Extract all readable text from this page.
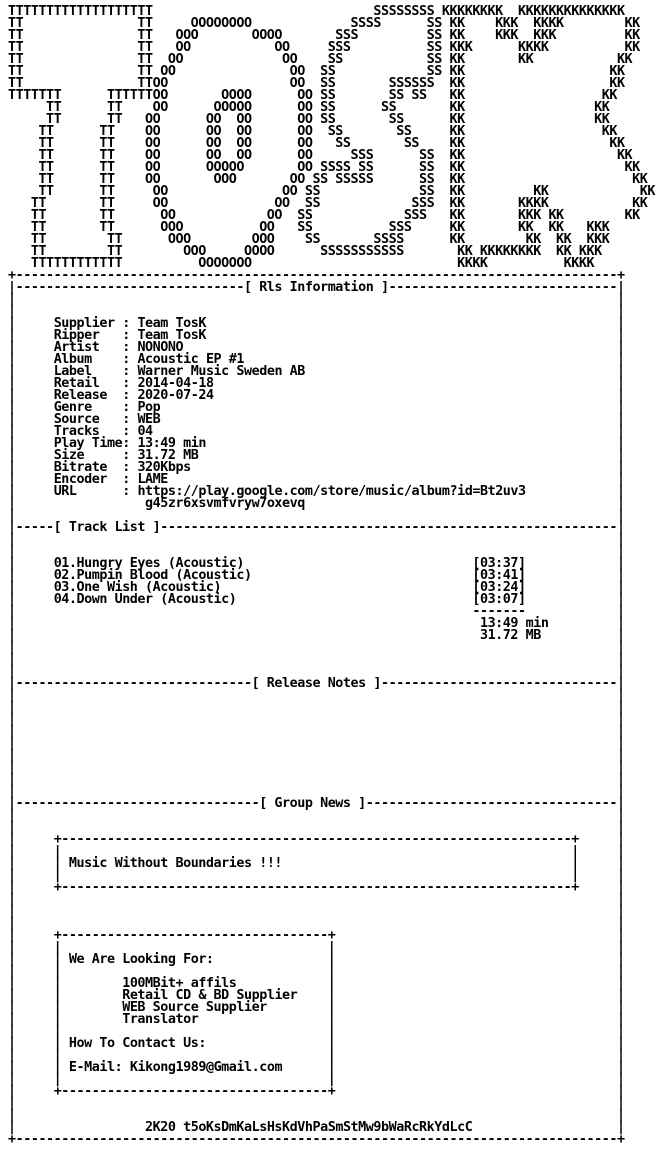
TTTTTTTTTTTTTTTTTTT                             SSSSSSSS KKKKKKKK  KKKKKKKKKKKKKK
TT               TT     OOOOOOOO             SSSS      SS KK    KKK  KKKK        KK
TT               TT   OOO       OOOO       SSS         SS KK    KKK  KKK         KK
TT               TT   OO           OO     SSS          SS KKK      KKKK          KK
TT               TT  OO             OO    SS           SS KK       KK           KK
TT               TT OO               OO  SS            SS KK                   KK
TT               TTOO                OO  SS       SSSSSS  KK                   KK
TTTTTTT      TTTTTTOO       OOOO      OO SS       SS SS   KK                  KK
TT      TT    OO      OOOOO      OO SS      SS       KK                 KK
TT      TT   OO      OO  OO      OO SS       SS      KK                 KK
TT      TT    OO      OO  OO      OO  SS       SS     KK                  KK
TT      TT    OO      OO  OO      OO   SS       SS    KK                   KK
TT      TT    OO      OO  OO      OO     SSS      SS  KK                    KK
TT      TT    OO      OOOOO       OO SSSS SS      SS  KK                     KK
TT      TT    OO       OOO       OO SS SSSSS      SS  KK                      KK
TT      TT     OO               OO SS             SS  KK         KK            KK
TT       TT     OO              OO  SS            SSS  KK       KKKK           KK
TT       TT      OO            OO  SS            SSS   KK       KKK KK        KK
TT       TT      OOO          OO   SS          SSS     KK       KK  KK   KKK
TT        TT      OOO        OOO    SS       SSSS      KK        KK  KK  KKK
TT        TT        OOO     OOOO      SSSSSSSSSSS       KK KKKKKKKK  KK KKK
TTTTTTTTTTTT          OOOOOOO                           KKKK          KKKK
+-------------------------------------------------------------------------------+
|------------------------------[ Rls Information ]------------------------------|
|                                                                               |
|                                                                               |
|	Supplier : Team TosK                                                      |
|	Ripper   : Team TosK                                                      |
|	Artist   : NONONO                                                         |
|	Album    : Acoustic EP #1                                                 |
|	Label    : Warner Music Sweden AB                                         |
|	Retail   : 2014-04-18                                                     |
|	Release  : 2020-07-24                                                     |
|	Genre    : Pop                                                            |
|	Source   : WEB                                                            |
|	Tracks   : 04                                                             |
|	Play Time: 13:49 min                                                      |
|	Size     : 31.72 MB                                                       |
|	Bitrate  : 320Kbps                                                        |
|	Encoder  : LAME                                                           |
|	URL      : https://play.google.com/store/music/album?id=Bt2uv3            |
|	g45zr6xsvmfvryw7oxevq                                         |
|                                                                               |
|-----[ Track List ]------------------------------------------------------------|
|                                                                               |
|                                                                               |
|	01.Hungry Eyes (Acoustic)	[03:37]            |
|	02.Pumpin Blood (Acoustic)	[03:41]            |
|	03.One Wish (Acoustic)	[03:24]            |
|	04.Down Under (Acoustic)	[03:07]            |
|	-------            |
|	13:49 min         |
|	31.72 MB          |
|                                                                               |
|                                                                               |
|                                                                               |
|-------------------------------[ Release Notes ]-------------------------------|
|                                                                               |
|                                                                               |
|                                                                               |
|                                                                               |
|                                                                               |
|                                                                               |
|                                                                               |
|                                                                               |
|                                                                               |
|--------------------------------[ Group News ]---------------------------------|
|                                                                               |
|                                                                               |
|	+-------------------------------------------------------------------+     |
|     |                                                                   |     |
|     | Music Without Boundaries !!!                                      |     |
|     |                                                                   |     |
|	+-------------------------------------------------------------------+     |
|                                                                               |
|                                                                               |
|                                                                               |
|	+-----------------------------------+                                     |
|     |                                   |                                     |
|     | We Are Looking For:               |                                     |
|     |                                   |                                     |
|     |	100MBit+ affils            |                                     |
|     |	Retail CD & BD Supplier    |                                     |
|     |	WEB Source Supplier        |                                     |
|     |	Translator                 |                                     |
|     |                                   |                                     |
|     | How To Contact Us:                |                                     |
|     |                                   |                                     |
|     | E-Mail: Kikong1989@Gmail.com      |                                     |
|     |                                   |                                     |
|	+-----------------------------------+                                     |
|                                                                               |
|                                                                               |
|	2K20 t5oKsDmKaLsHsKdVhPaSmStMw9bWaRcRkYdLcC                   |
+-------------------------------------------------------------------------------+
